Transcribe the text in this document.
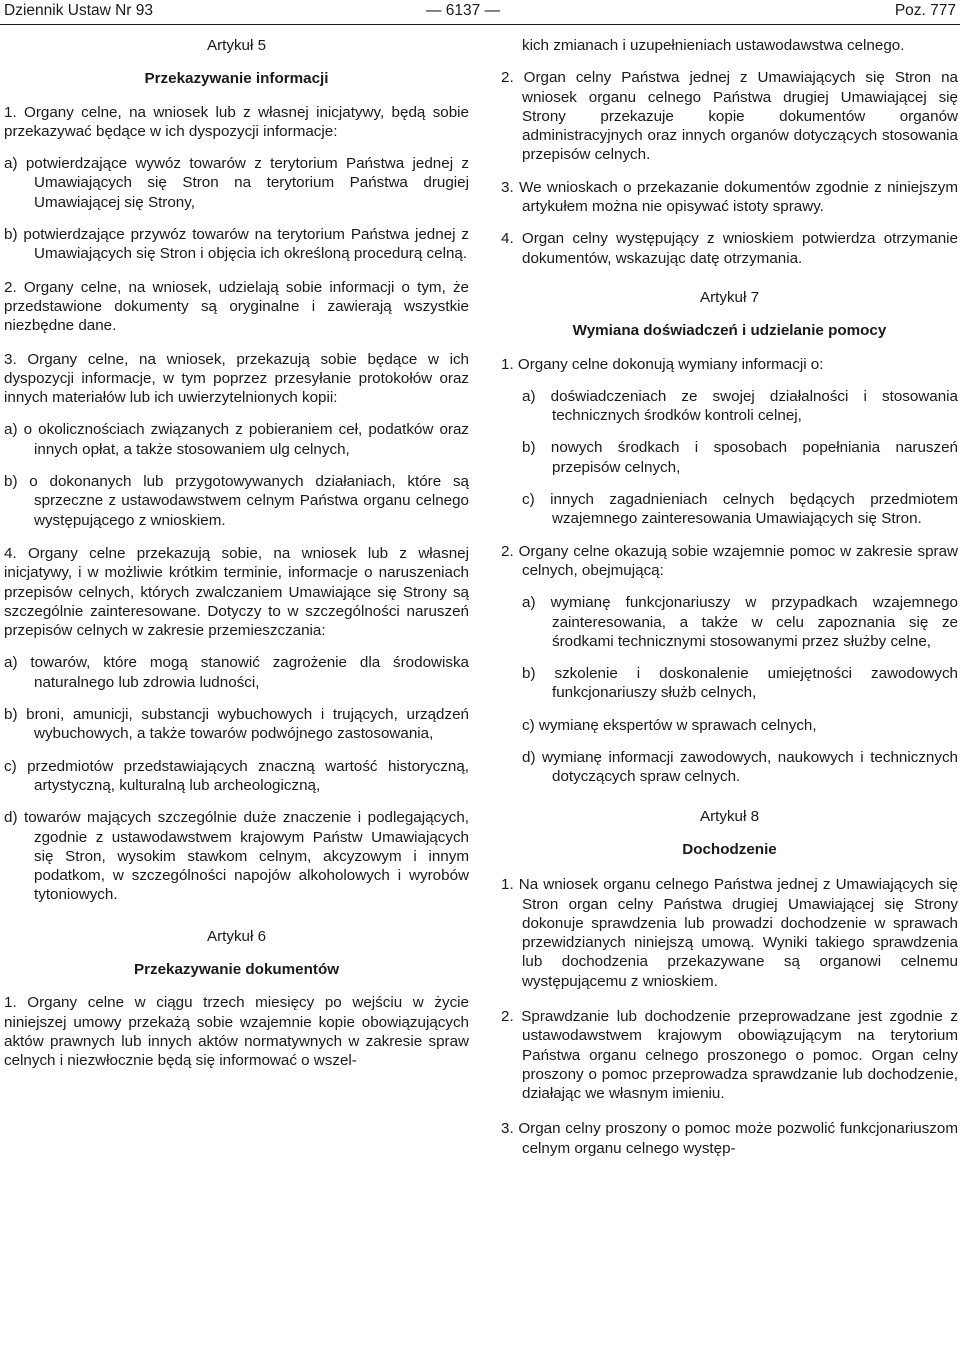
Dziennik Ustaw Nr 93	— 6137 —	Poz. 777

Artykuł 5

Przekazywanie informacji

1. Organy celne, na wniosek lub z własnej inicjatywy, będą sobie przekazywać będące w ich dyspozycji informacje:

a) potwierdzające wywóz towarów z terytorium Państwa jednej z Umawiających się Stron na terytorium Państwa drugiej Umawiającej się Strony,

b) potwierdzające przywóz towarów na terytorium Państwa jednej z Umawiających się Stron i objęcia ich określoną procedurą celną.

2. Organy celne, na wniosek, udzielają sobie informacji o tym, że przedstawione dokumenty są oryginalne i zawierają wszystkie niezbędne dane.

3. Organy celne, na wniosek, przekazują sobie będące w ich dyspozycji informacje, w tym poprzez przesyłanie protokołów oraz innych materiałów lub ich uwierzytelnionych kopii:

a) o okolicznościach związanych z pobieraniem ceł, podatków oraz innych opłat, a także stosowaniem ulg celnych,

b) o dokonanych lub przygotowywanych działaniach, które są sprzeczne z ustawodawstwem celnym Państwa organu celnego występującego z wnioskiem.

4. Organy celne przekazują sobie, na wniosek lub z własnej inicjatywy, i w możliwie krótkim terminie, informacje o naruszeniach przepisów celnych, których zwalczaniem Umawiające się Strony są szczególnie zainteresowane. Dotyczy to w szczególności naruszeń przepisów celnych w zakresie przemieszczania:

a) towarów, które mogą stanowić zagrożenie dla środowiska naturalnego lub zdrowia ludności,

b) broni, amunicji, substancji wybuchowych i trujących, urządzeń wybuchowych, a także towarów podwójnego zastosowania,

c) przedmiotów przedstawiających znaczną wartość historyczną, artystyczną, kulturalną lub archeologiczną,

d) towarów mających szczególnie duże znaczenie i podlegających, zgodnie z ustawodawstwem krajowym Państw Umawiających się Stron, wysokim stawkom celnym, akcyzowym i innym podatkom, w szczególności napojów alkoholowych i wyrobów tytoniowych.

Artykuł 6

Przekazywanie dokumentów

1. Organy celne w ciągu trzech miesięcy po wejściu w życie niniejszej umowy przekażą sobie wzajemnie kopie obowiązujących aktów prawnych lub innych aktów normatywnych w zakresie spraw celnych i niezwłocznie będą się informować o wszel-

kich zmianach i uzupełnieniach ustawodawstwa celnego.

2. Organ celny Państwa jednej z Umawiających się Stron na wniosek organu celnego Państwa drugiej Umawiającej się Strony przekazuje kopie dokumentów organów administracyjnych oraz innych organów dotyczących stosowania przepisów celnych.

3. We wnioskach o przekazanie dokumentów zgodnie z niniejszym artykułem można nie opisywać istoty sprawy.

4. Organ celny występujący z wnioskiem potwierdza otrzymanie dokumentów, wskazując datę otrzymania.

Artykuł 7

Wymiana doświadczeń i udzielanie pomocy

1. Organy celne dokonują wymiany informacji o:

a) doświadczeniach ze swojej działalności i stosowania technicznych środków kontroli celnej,

b) nowych środkach i sposobach popełniania naruszeń przepisów celnych,

c) innych zagadnieniach celnych będących przedmiotem wzajemnego zainteresowania Umawiających się Stron.

2. Organy celne okazują sobie wzajemnie pomoc w zakresie spraw celnych, obejmującą:

a) wymianę funkcjonariuszy w przypadkach wzajemnego zainteresowania, a także w celu zapoznania się ze środkami technicznymi stosowanymi przez służby celne,

b) szkolenie i doskonalenie umiejętności zawodowych funkcjonariuszy służb celnych,

c) wymianę ekspertów w sprawach celnych,

d) wymianę informacji zawodowych, naukowych i technicznych dotyczących spraw celnych.

Artykuł 8

Dochodzenie

1. Na wniosek organu celnego Państwa jednej z Umawiających się Stron organ celny Państwa drugiej Umawiającej się Strony dokonuje sprawdzenia lub prowadzi dochodzenie w sprawach przewidzianych niniejszą umową. Wyniki takiego sprawdzenia lub dochodzenia przekazywane są organowi celnemu występującemu z wnioskiem.

2. Sprawdzanie lub dochodzenie przeprowadzane jest zgodnie z ustawodawstwem krajowym obowiązującym na terytorium Państwa organu celnego proszonego o pomoc. Organ celny proszony o pomoc przeprowadza sprawdzanie lub dochodzenie, działając we własnym imieniu.

3. Organ celny proszony o pomoc może pozwolić funkcjonariuszom celnym organu celnego występ-
